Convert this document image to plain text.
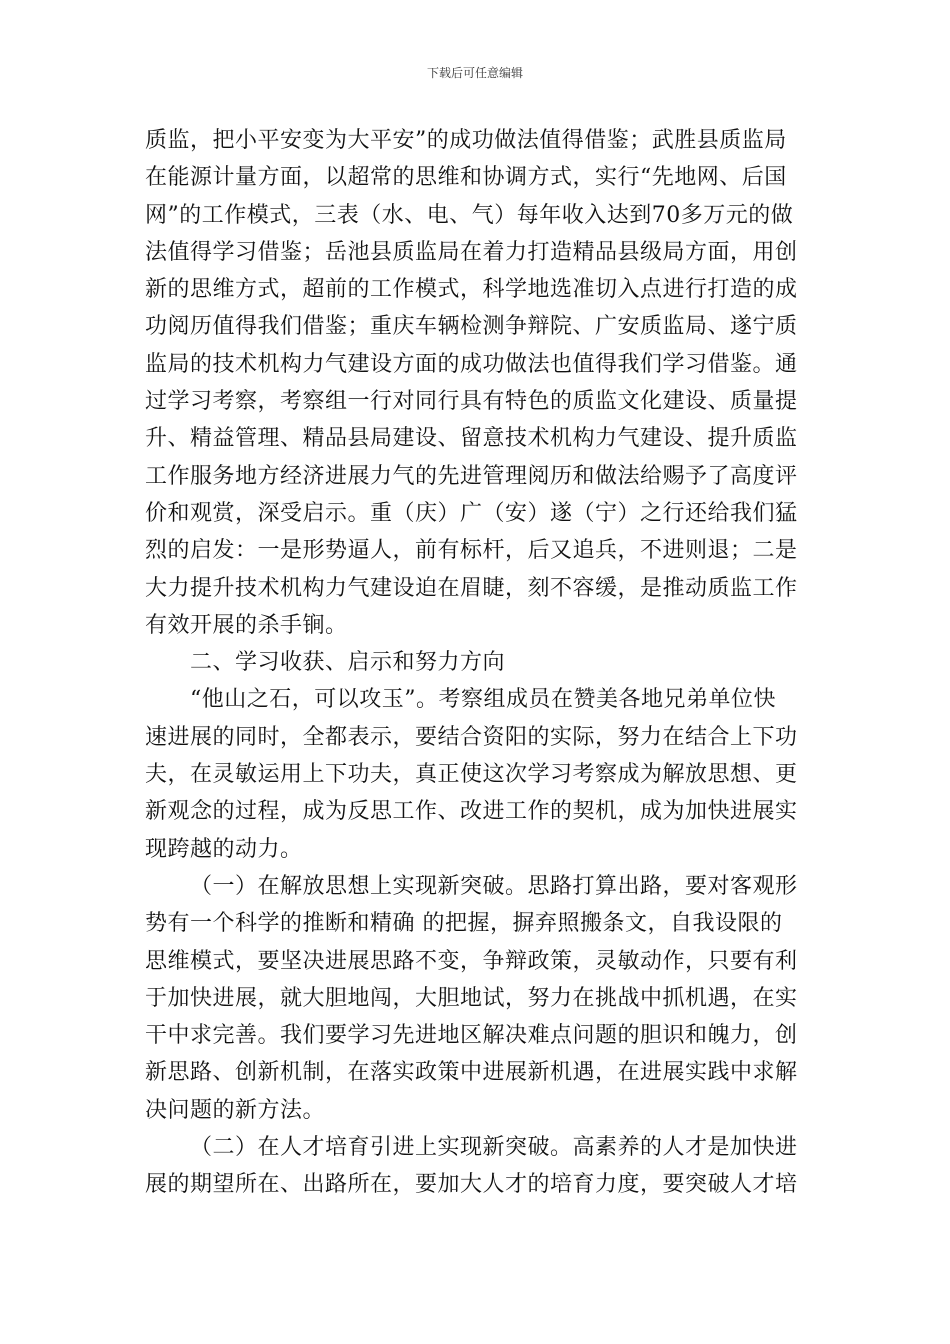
下载后可任意编辑
质监，把小平安变为大平安”的成功做法值得借鉴；武胜县质监局
在能源计量方面，以超常的思维和协调方式，实行“先地网、后国
网”的工作模式，三表（水、电、气）每年收入达到70多万元的做
法值得学习借鉴；岳池县质监局在着力打造精品县级局方面，用创
新的思维方式，超前的工作模式，科学地选准切入点进行打造的成
功阅历值得我们借鉴；重庆车辆检测争辩院、广安质监局、遂宁质
监局的技术机构力气建设方面的成功做法也值得我们学习借鉴。通
过学习考察，考察组一行对同行具有特色的质监文化建设、质量提
升、精益管理、精品县局建设、留意技术机构力气建设、提升质监
工作服务地方经济进展力气的先进管理阅历和做法给赐予了高度评
价和观赏，深受启示。重（庆）广（安）遂（宁）之行还给我们猛
烈的启发：一是形势逼人，前有标杆，后又追兵，不进则退；二是
大力提升技术机构力气建设迫在眉睫，刻不容缓，是推动质监工作
有效开展的杀手锏。
二、学习收获、启示和努力方向
“他山之石，可以攻玉”。考察组成员在赞美各地兄弟单位快
速进展的同时，全都表示，要结合资阳的实际，努力在结合上下功
夫，在灵敏运用上下功夫，真正使这次学习考察成为解放思想、更
新观念的过程，成为反思工作、改进工作的契机，成为加快进展实
现跨越的动力。
（一）在解放思想上实现新突破。思路打算出路，要对客观形
势有一个科学的推断和精确 的把握，摒弃照搬条文，自我设限的
思维模式，要坚决进展思路不变，争辩政策，灵敏动作，只要有利
于加快进展，就大胆地闯，大胆地试，努力在挑战中抓机遇，在实
干中求完善。我们要学习先进地区解决难点问题的胆识和魄力，创
新思路、创新机制，在落实政策中进展新机遇，在进展实践中求解
决问题的新方法。
（二）在人才培育引进上实现新突破。高素养的人才是加快进
展的期望所在、出路所在，要加大人才的培育力度，要突破人才培
